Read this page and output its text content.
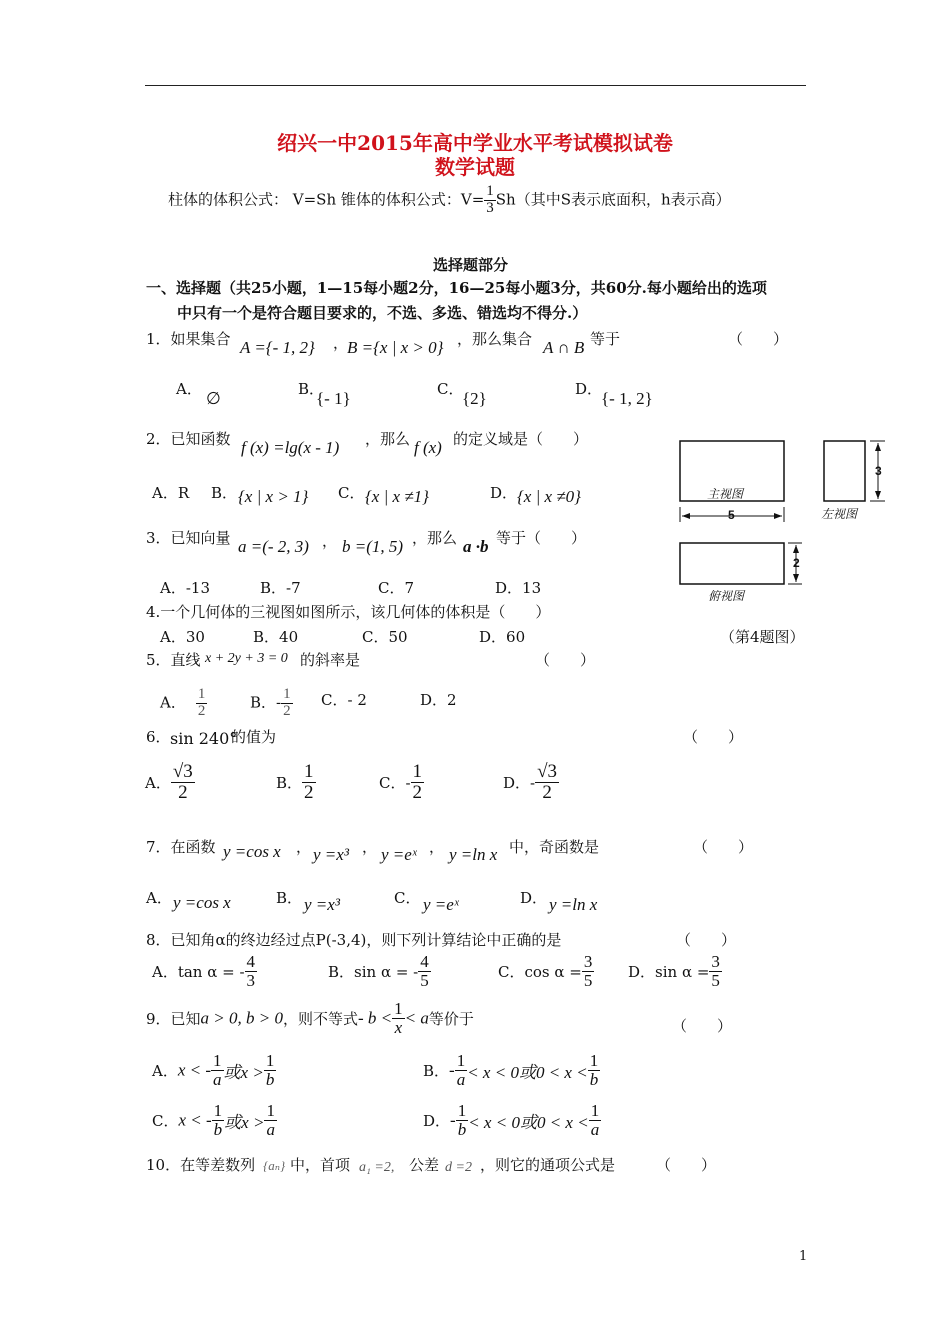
绍兴一中2015年高中学业水平考试模拟试卷
数学试题
柱体的体积公式： V=Sh 锥体的体积公式：$V= \frac{1}{3} Sh$（其中S表示底面积，h表示高）
选择题部分
一、选择题（共25小题，1—15每小题2分，16—25每小题3分，共60分.每小题给出的选项
中只有一个是符合题目要求的，不选、多选、错选均不得分.）
1．如果集合 A ={- 1, 2} ，
B ={x | x > 0} ，那么集合 A ∩ B 等于	（　　）
A． ∅	B．
{- 1}	C．
{2}	D．
{- 1, 2}
2．已知函数 f (x) =lg(x - 1) ，那么 f (x) 的定义域是（　　）
A．R B． {x | x > 1} C． {x | x ≠1}	D． {x | x ≠0}
3．已知向量 a =(- 2, 3) ， b =(1, 5) ，那么 a ·b 等于（　　）
A．-13	B．-7	C．7	D．13
4.一个几何体的三视图如图所示，该几何体的体积是（　　）
A．30	B．40	C．50	D．60	（第4题图）
主视图
左视图
俯视图
5
3
2
5．直线 x + 2y + 3 = 0 的斜率是	（　　）
A． $\frac{1}{2}$	B．- $\frac{1}{2}$ C．- 2	D．2
6． sin 240°
的值为	（　　）
A． $\frac{√3}{2}$	B． $\frac{1}{2}$	C．- $\frac{1}{2}$	D．- $\frac{√3}{2}$
7．在函数 y =cos x ， y =x³ ， y =eˣ ， y =ln x 中，奇函数是	（　　）
A． y =cos x	B． y =x³	C． y =eˣ	D． y =ln x
8．已知角α的终边经过点P(-3,4)，则下列计算结论中正确的是	（　　）
A．tan α = - $\frac{4}{3}$	B．sin α = - $\frac{4}{5}$	C．$\cos \alpha = \frac{3}{5}$ D．$\sin \alpha = \frac{3}{5}$
9．已知a > 0, b > 0，则不等式- $b < \frac{1}{x} < a$等价于	（　　）
A．x < - $\frac{1}{a}$ 或$x > \frac{1}{b}$	B．- $\frac{1}{a} < x < 0$或$0 < x < \frac{1}{b}$
C．x < - $\frac{1}{b}$ 或$x > \frac{1}{a}$	D．- $\frac{1}{b} < x < 0$或$0 < x < \frac{1}{a}$
10．在等差数列 {aₙ} 中，首项 a₁ =2, 公差 d =2 ，则它的通项公式是	（　　）
1
